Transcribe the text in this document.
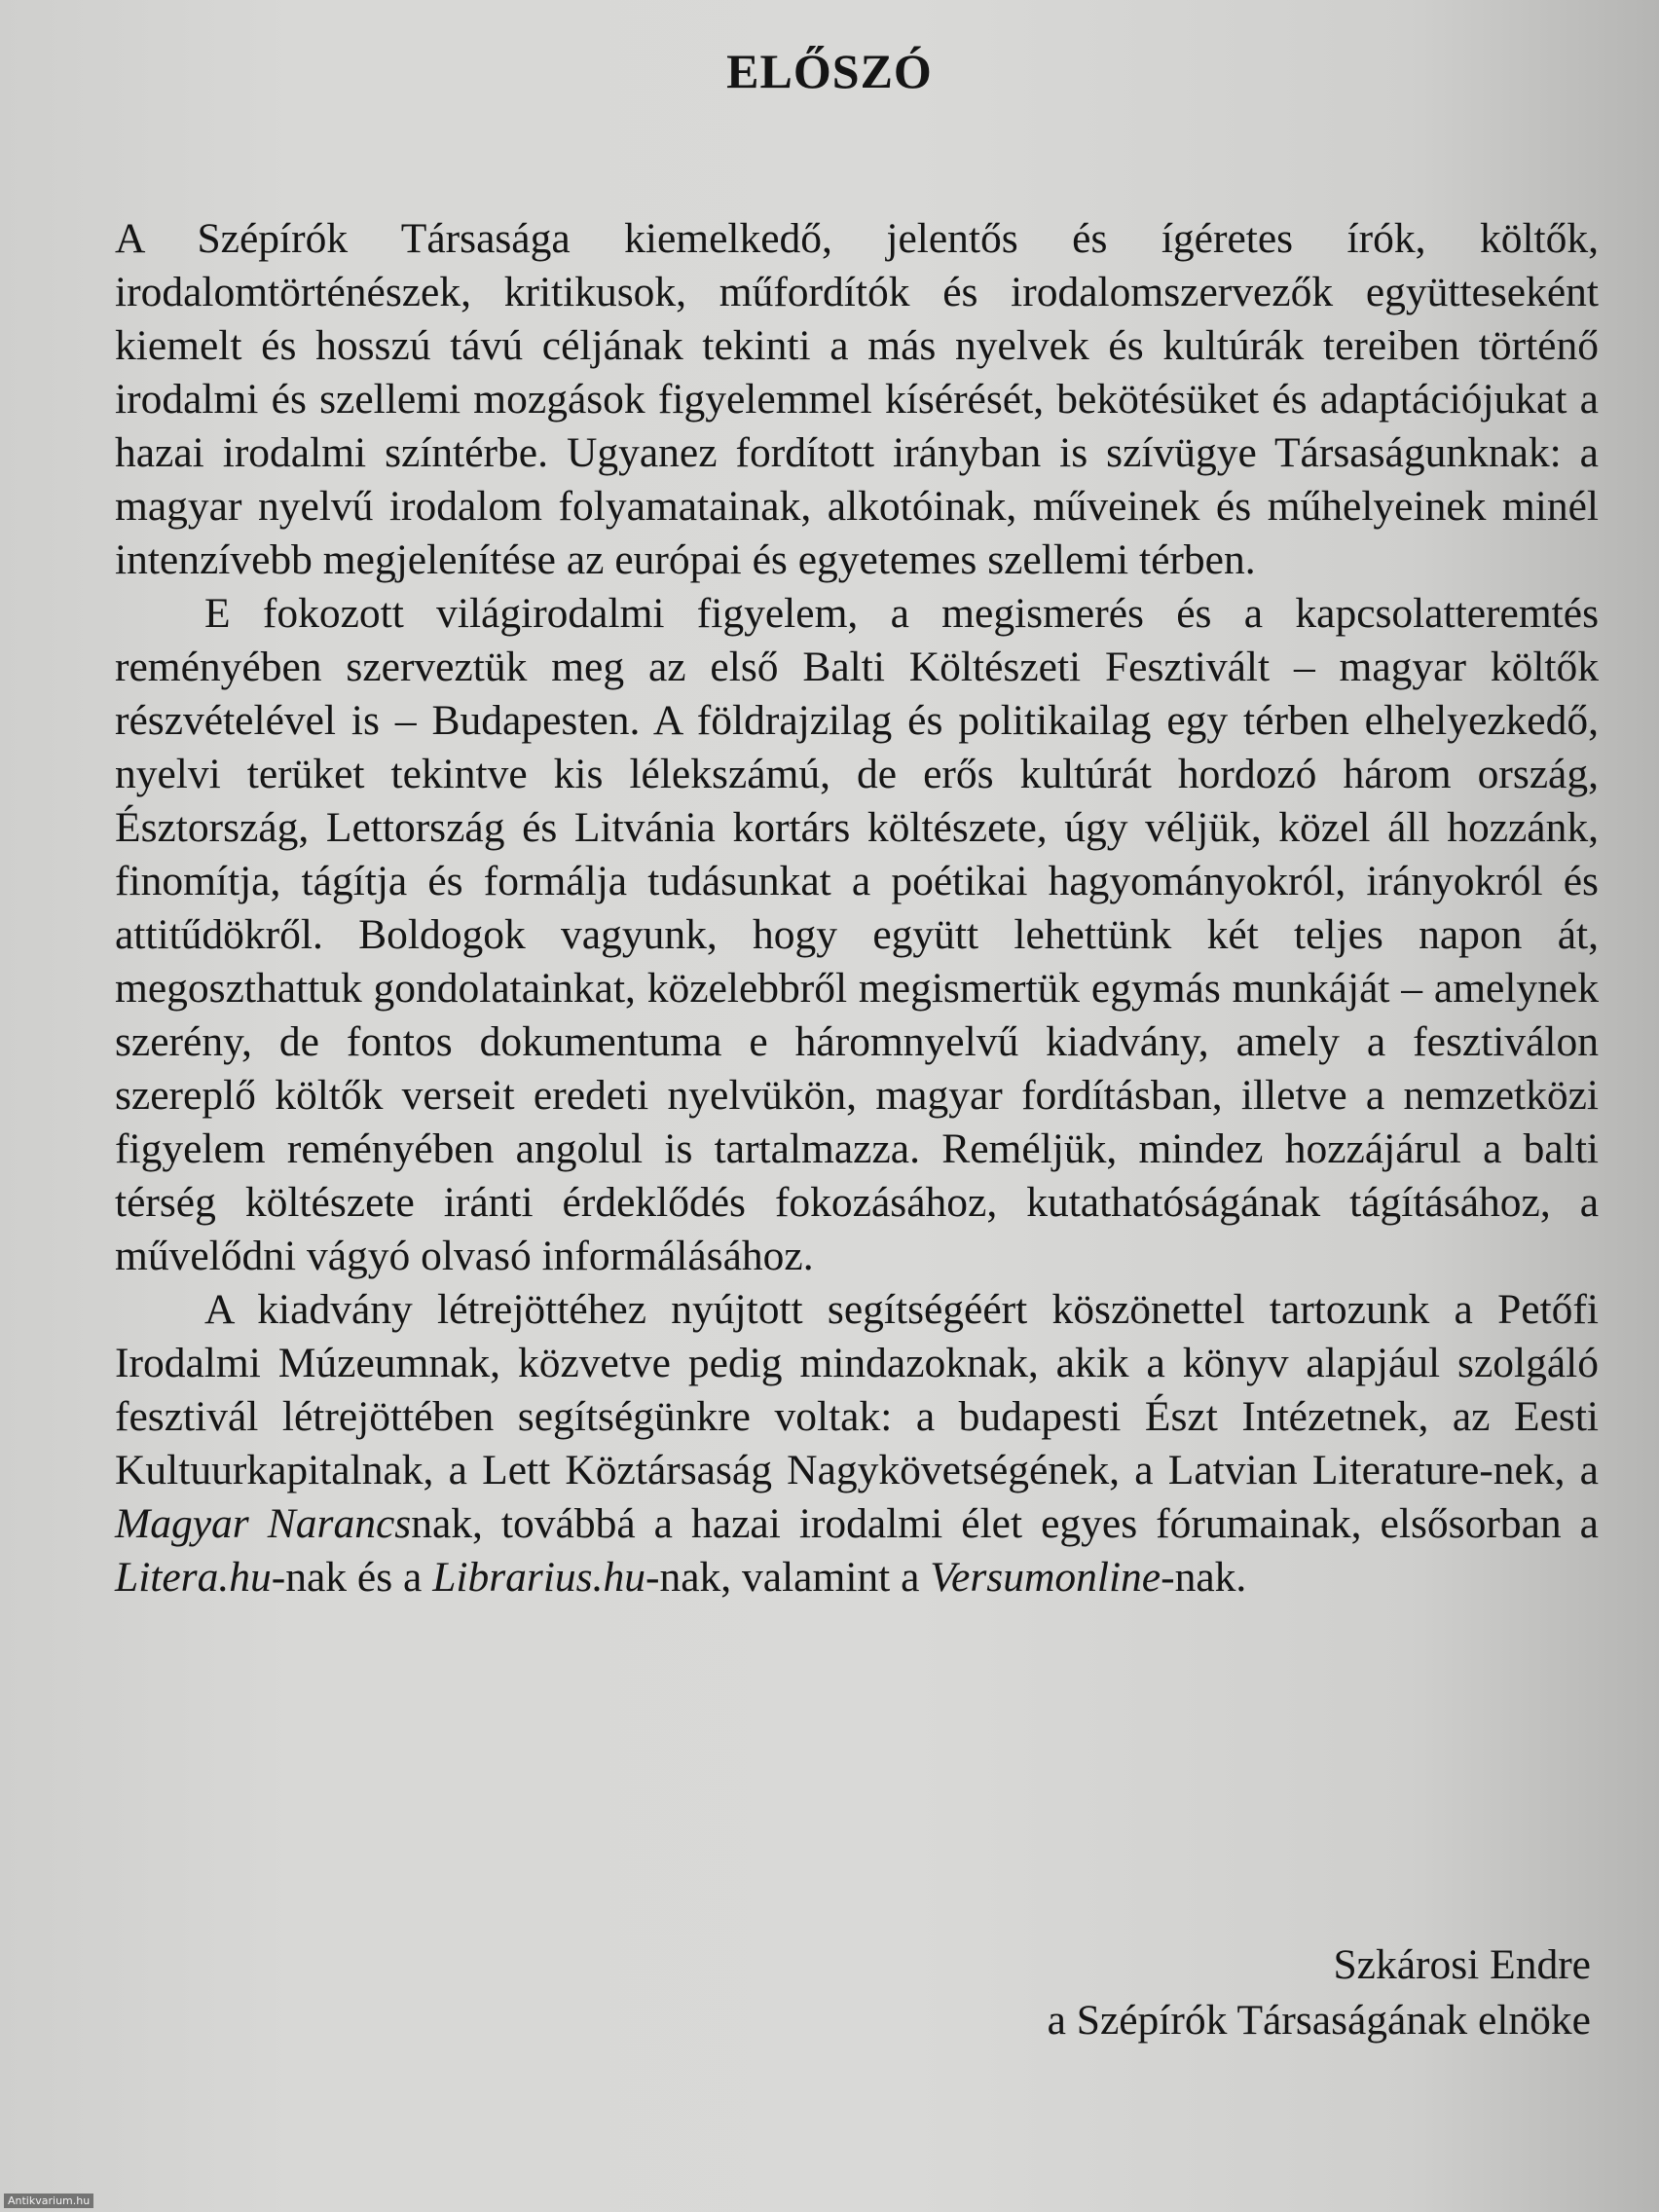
ELŐSZÓ

A Szépírók Társasága kiemelkedő, jelentős és ígéretes írók, költők, irodalomtörténészek, kritikusok, műfordítók és irodalomszervezők együtteseként kiemelt és hosszú távú céljának tekinti a más nyelvek és kultúrák tereiben történő irodalmi és szellemi mozgások figyelemmel kísérését, bekötésüket és adaptációjukat a hazai irodalmi színtérbe. Ugyanez fordított irányban is szívügye Társaságunknak: a magyar nyelvű irodalom folyamatainak, alkotóinak, műveinek és műhelyeinek minél intenzívebb megjelenítése az európai és egyetemes szellemi térben.

E fokozott világirodalmi figyelem, a megismerés és a kapcsolatteremtés reményében szerveztük meg az első Balti Költészeti Fesztivált – magyar költők részvételével is – Budapesten. A földrajzilag és politikailag egy térben elhelyezkedő, nyelvi terüket tekintve kis lélekszámú, de erős kultúrát hordozó három ország, Észtország, Lettország és Litvánia kortárs költészete, úgy véljük, közel áll hozzánk, finomítja, tágítja és formálja tudásunkat a poétikai hagyományokról, irányokról és attitűdökről. Boldogok vagyunk, hogy együtt lehettünk két teljes napon át, megoszthattuk gondolatainkat, közelebbről megismertük egymás munkáját – amelynek szerény, de fontos dokumentuma e háromnyelvű kiadvány, amely a fesztiválon szereplő költők verseit eredeti nyelvükön, magyar fordításban, illetve a nemzetközi figyelem reményében angolul is tartalmazza. Reméljük, mindez hozzájárul a balti térség költészete iránti érdeklődés fokozásához, kutathatóságának tágításához, a művelődni vágyó olvasó informálásához.

A kiadvány létrejöttéhez nyújtott segítségéért köszönettel tartozunk a Petőfi Irodalmi Múzeumnak, közvetve pedig mindazoknak, akik a könyv alapjául szolgáló fesztivál létrejöttében segítségünkre voltak: a budapesti Észt Intézetnek, az Eesti Kultuurkapitalnak, a Lett Köztársaság Nagykövetségének, a Latvian Literature-nek, a Magyar Narancsnak, továbbá a hazai irodalmi élet egyes fórumainak, elsősorban a Litera.hu-nak és a Librarius.hu-nak, valamint a Versumonline-nak.

Szkárosi Endre
a Szépírók Társaságának elnöke
Antikvarium.hu
